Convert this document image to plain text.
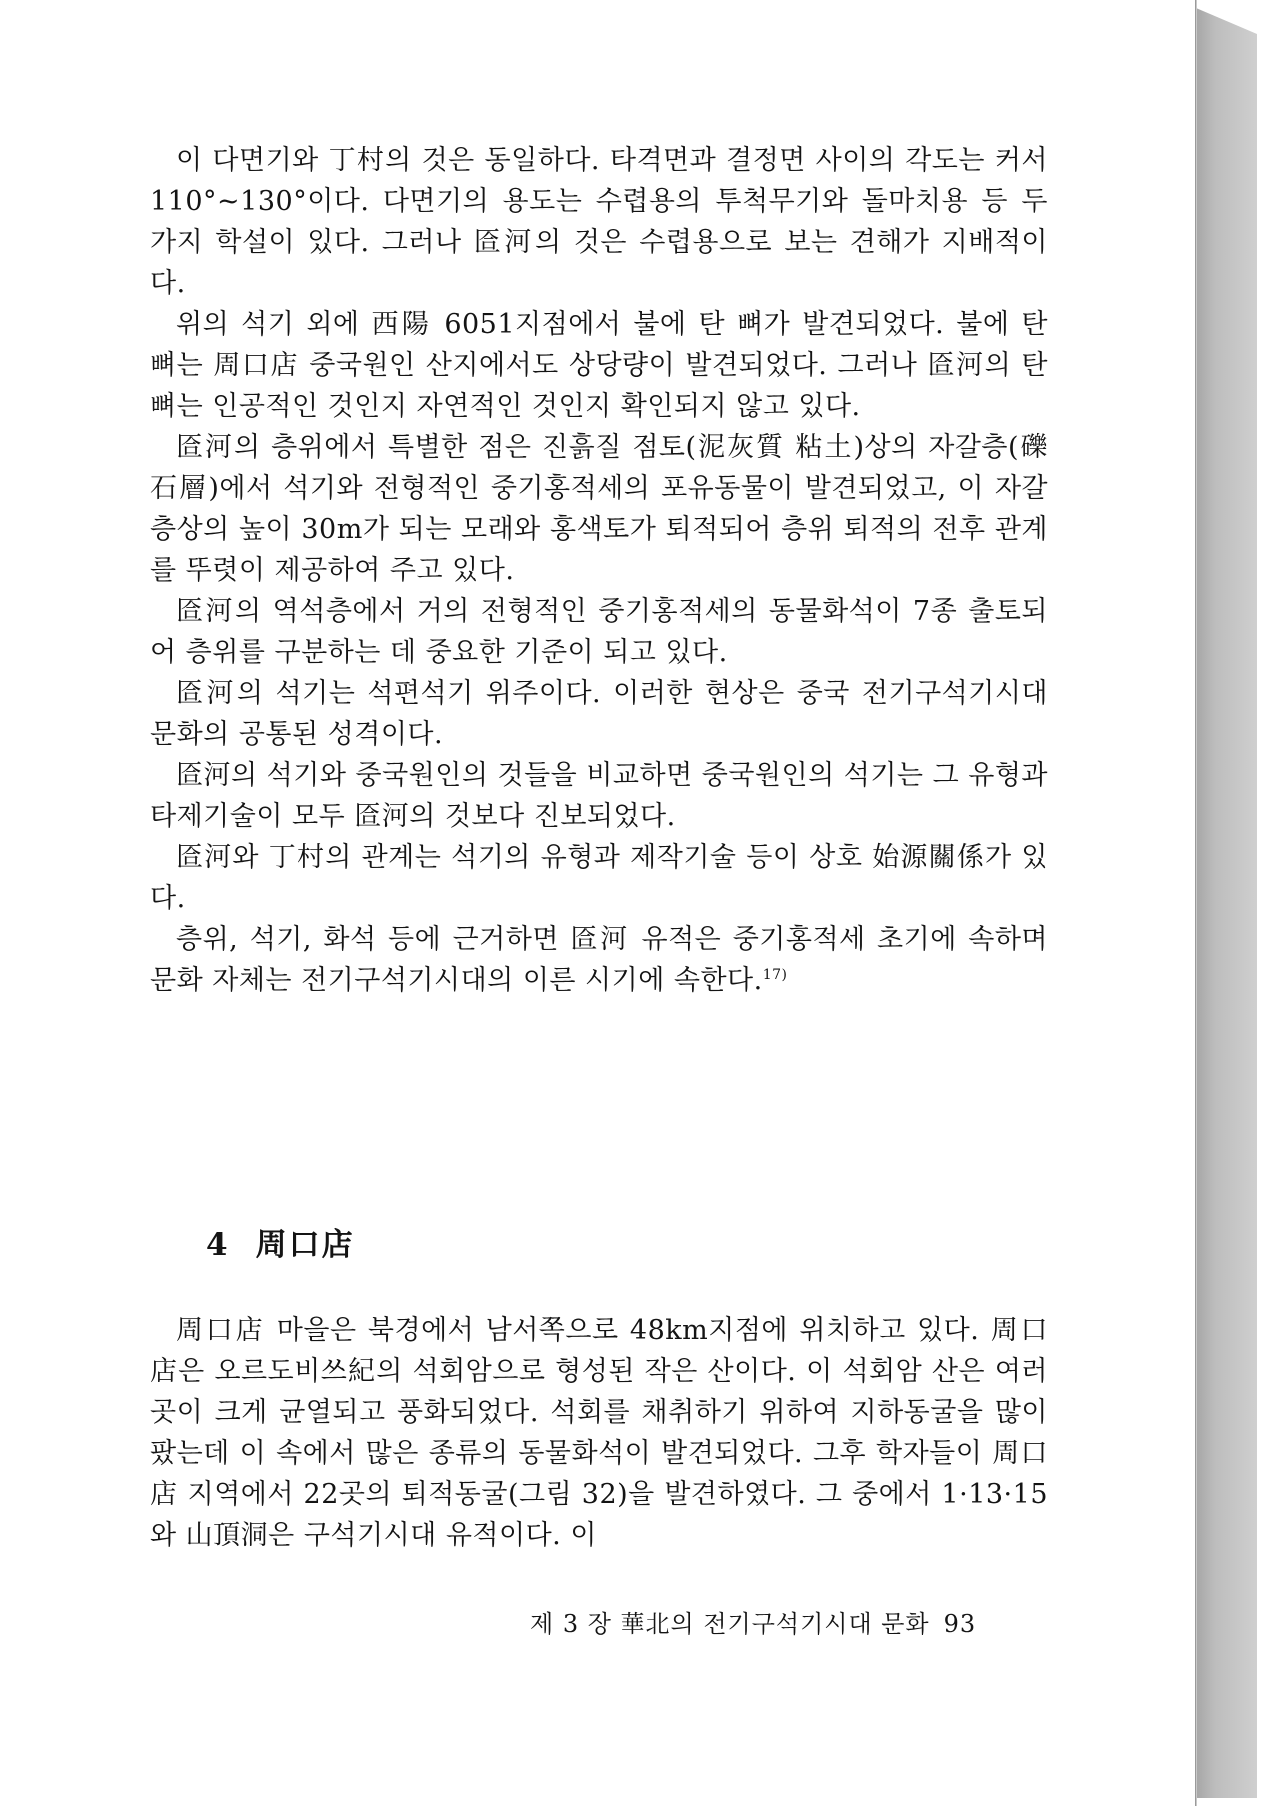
이 다면기와 丁村의 것은 동일하다. 타격면과 결정면 사이의 각도는 커서 110°~130°이다. 다면기의 용도는 수렵용의 투척무기와 돌마치용 등 두 가지 학설이 있다. 그러나 匼河의 것은 수렵용으로 보는 견해가 지배적이다.

위의 석기 외에 西陽 6051지점에서 불에 탄 뼈가 발견되었다. 불에 탄 뼈는 周口店 중국원인 산지에서도 상당량이 발견되었다. 그러나 匼河의 탄 뼈는 인공적인 것인지 자연적인 것인지 확인되지 않고 있다.

匼河의 층위에서 특별한 점은 진흙질 점토(泥灰質 粘土)상의 자갈층(礫石層)에서 석기와 전형적인 중기홍적세의 포유동물이 발견되었고, 이 자갈층상의 높이 30m가 되는 모래와 홍색토가 퇴적되어 층위 퇴적의 전후 관계를 뚜렷이 제공하여 주고 있다.

匼河의 역석층에서 거의 전형적인 중기홍적세의 동물화석이 7종 출토되어 층위를 구분하는 데 중요한 기준이 되고 있다.

匼河의 석기는 석편석기 위주이다. 이러한 현상은 중국 전기구석기시대 문화의 공통된 성격이다.

匼河의 석기와 중국원인의 것들을 비교하면 중국원인의 석기는 그 유형과 타제기술이 모두 匼河의 것보다 진보되었다.

匼河와 丁村의 관계는 석기의 유형과 제작기술 등이 상호 始源關係가 있다.

층위, 석기, 화석 등에 근거하면 匼河 유적은 중기홍적세 초기에 속하며 문화 자체는 전기구석기시대의 이른 시기에 속한다.$^{17)}$

4 周口店

周口店 마을은 북경에서 남서쪽으로 48km지점에 위치하고 있다. 周口店은 오르도비쓰紀의 석회암으로 형성된 작은 산이다. 이 석회암 산은 여러 곳이 크게 균열되고 풍화되었다. 석회를 채취하기 위하여 지하동굴을 많이 팠는데 이 속에서 많은 종류의 동물화석이 발견되었다. 그후 학자들이 周口店 지역에서 22곳의 퇴적동굴(그림 32)을 발견하였다. 그 중에서 1·13·15와 山頂洞은 구석기시대 유적이다. 이

제 3 장 華北의 전기구석기시대 문화 93
